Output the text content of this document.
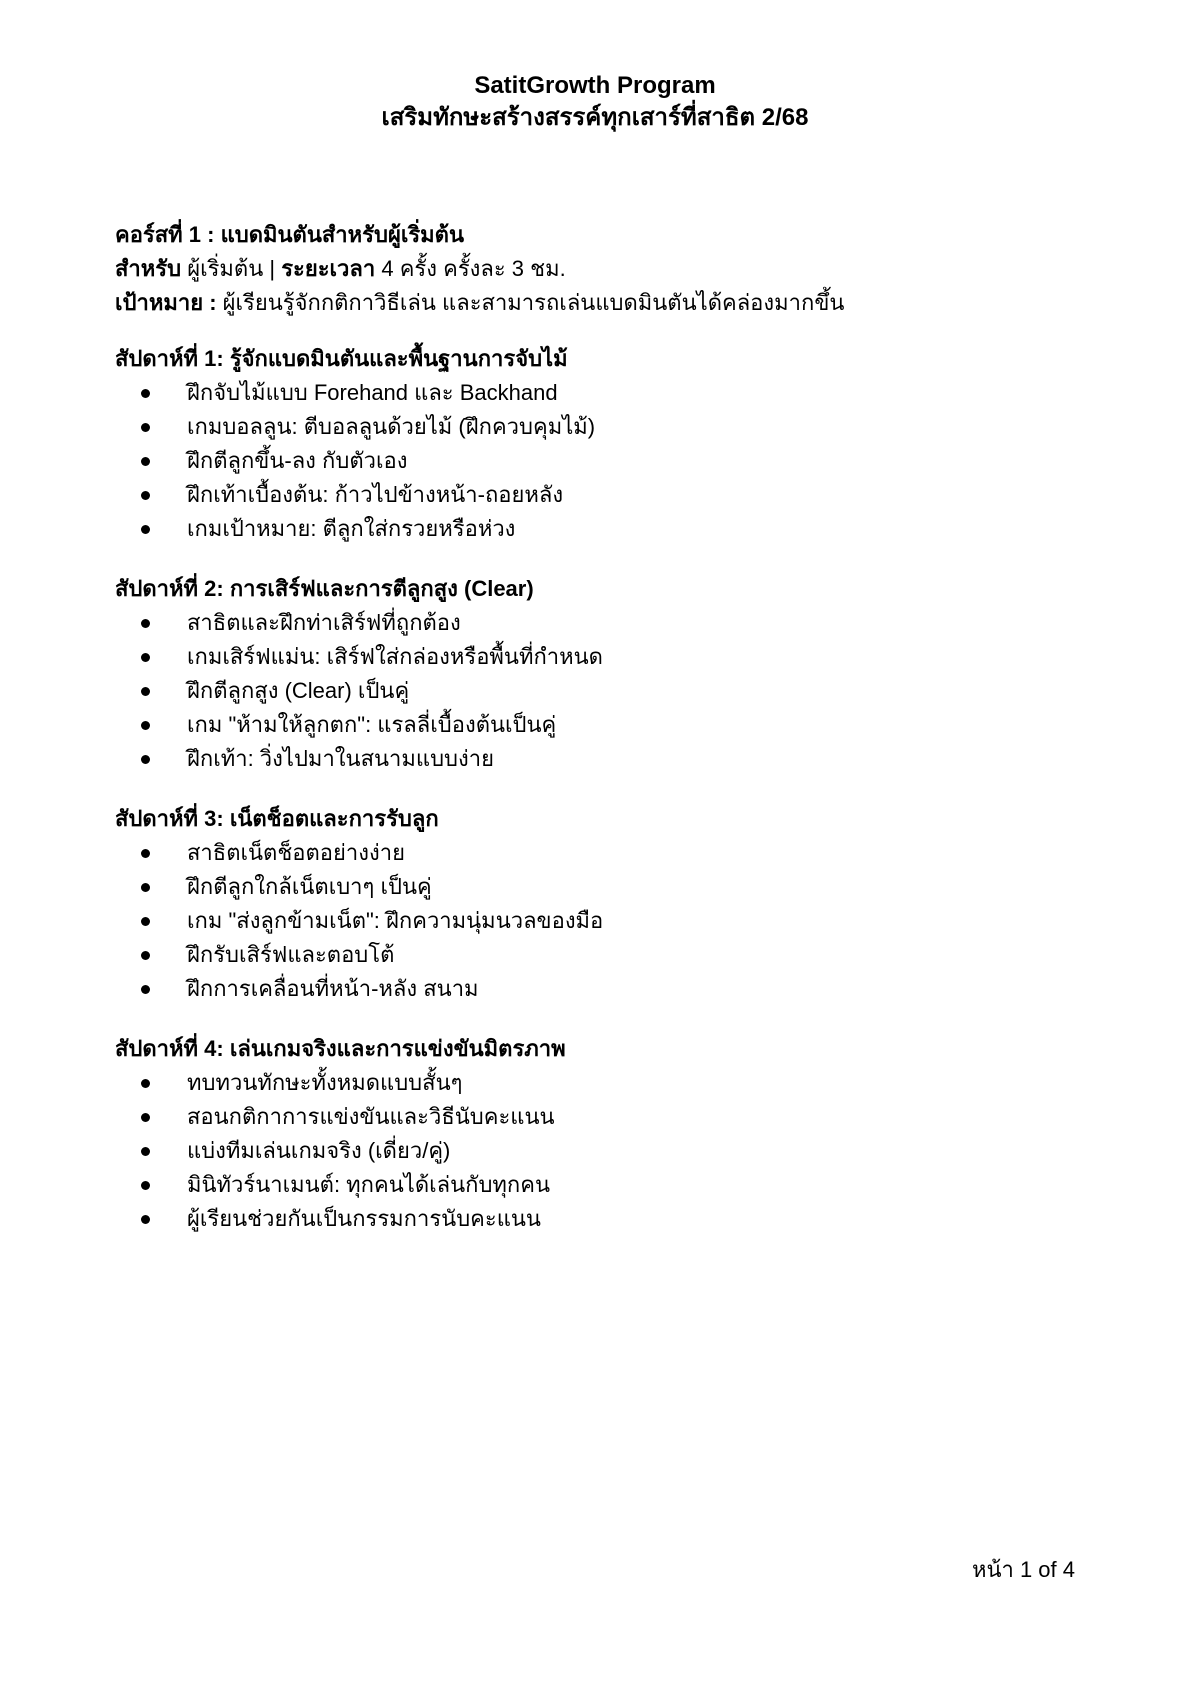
SatitGrowth Program
เสริมทักษะสร้างสรรค์ทุกเสาร์ที่สาธิต 2/68
คอร์สที่ 1 : แบดมินตันสำหรับผู้เริ่มต้น
สำหรับ ผู้เริ่มต้น | ระยะเวลา 4 ครั้ง ครั้งละ 3 ชม.
เป้าหมาย : ผู้เรียนรู้จักกติกาวิธีเล่น และสามารถเล่นแบดมินตันได้คล่องมากขึ้น
สัปดาห์ที่ 1: รู้จักแบดมินตันและพื้นฐานการจับไม้
ฝึกจับไม้แบบ Forehand และ Backhand
เกมบอลลูน: ตีบอลลูนด้วยไม้ (ฝึกควบคุมไม้)
ฝึกตีลูกขึ้น-ลง กับตัวเอง
ฝึกเท้าเบื้องต้น: ก้าวไปข้างหน้า-ถอยหลัง
เกมเป้าหมาย: ตีลูกใส่กรวยหรือห่วง
สัปดาห์ที่ 2: การเสิร์ฟและการตีลูกสูง (Clear)
สาธิตและฝึกท่าเสิร์ฟที่ถูกต้อง
เกมเสิร์ฟแม่น: เสิร์ฟใส่กล่องหรือพื้นที่กำหนด
ฝึกตีลูกสูง (Clear) เป็นคู่
เกม "ห้ามให้ลูกตก": แรลลี่เบื้องต้นเป็นคู่
ฝึกเท้า: วิ่งไปมาในสนามแบบง่าย
สัปดาห์ที่ 3: เน็ตช็อตและการรับลูก
สาธิตเน็ตช็อตอย่างง่าย
ฝึกตีลูกใกล้เน็ตเบาๆ เป็นคู่
เกม "ส่งลูกข้ามเน็ต": ฝึกความนุ่มนวลของมือ
ฝึกรับเสิร์ฟและตอบโต้
ฝึกการเคลื่อนที่หน้า-หลัง สนาม
สัปดาห์ที่ 4: เล่นเกมจริงและการแข่งขันมิตรภาพ
ทบทวนทักษะทั้งหมดแบบสั้นๆ
สอนกติกาการแข่งขันและวิธีนับคะแนน
แบ่งทีมเล่นเกมจริง (เดี่ยว/คู่)
มินิทัวร์นาเมนต์: ทุกคนได้เล่นกับทุกคน
ผู้เรียนช่วยกันเป็นกรรมการนับคะแนน
หน้า 1 of 4
